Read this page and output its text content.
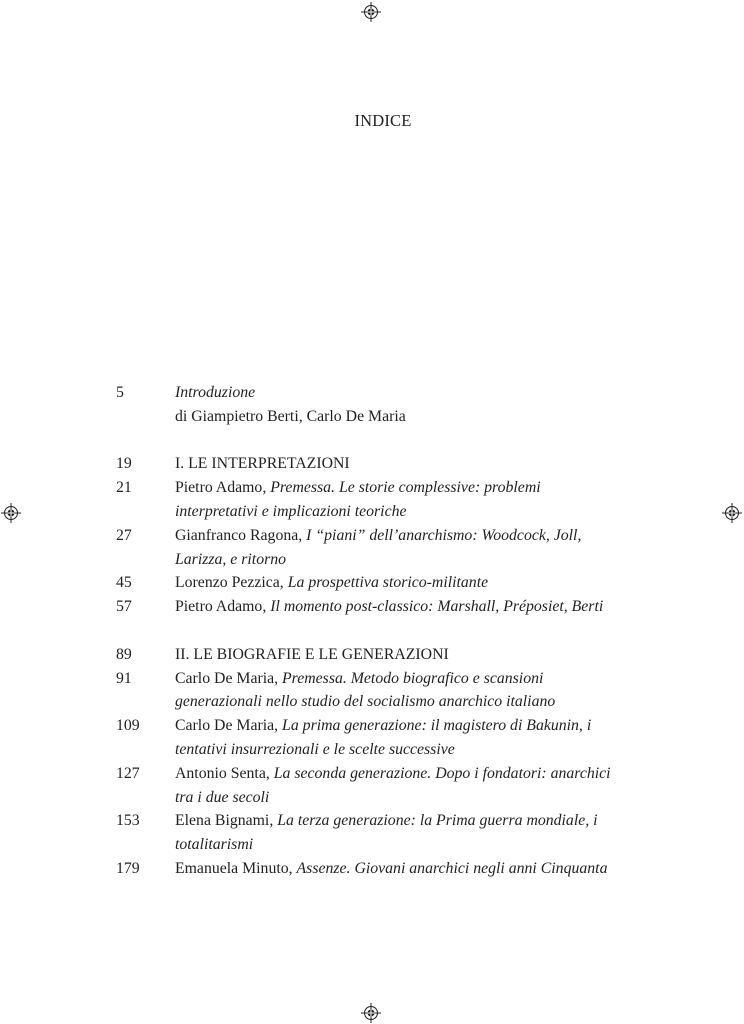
INDICE
5	Introduzione
di Giampietro Berti, Carlo De Maria
19	I. LE INTERPRETAZIONI
21	Pietro Adamo, Premessa. Le storie complessive: problemi
interpretativi e implicazioni teoriche
27	Gianfranco Ragona, I “piani” dell’anarchismo: Woodcock, Joll,
Larizza, e ritorno
45	Lorenzo Pezzica, La prospettiva storico-militante
57	Pietro Adamo, Il momento post-classico: Marshall, Préposiet, Berti
89	II. LE BIOGRAFIE E LE GENERAZIONI
91	Carlo De Maria, Premessa. Metodo biografico e scansioni
generazionali nello studio del socialismo anarchico italiano
109	Carlo De Maria, La prima generazione: il magistero di Bakunin, i
tentativi insurrezionali e le scelte successive
127	Antonio Senta, La seconda generazione. Dopo i fondatori: anarchici
tra i due secoli
153	Elena Bignami, La terza generazione: la Prima guerra mondiale, i
totalitarismi
179	Emanuela Minuto, Assenze. Giovani anarchici negli anni Cinquanta
